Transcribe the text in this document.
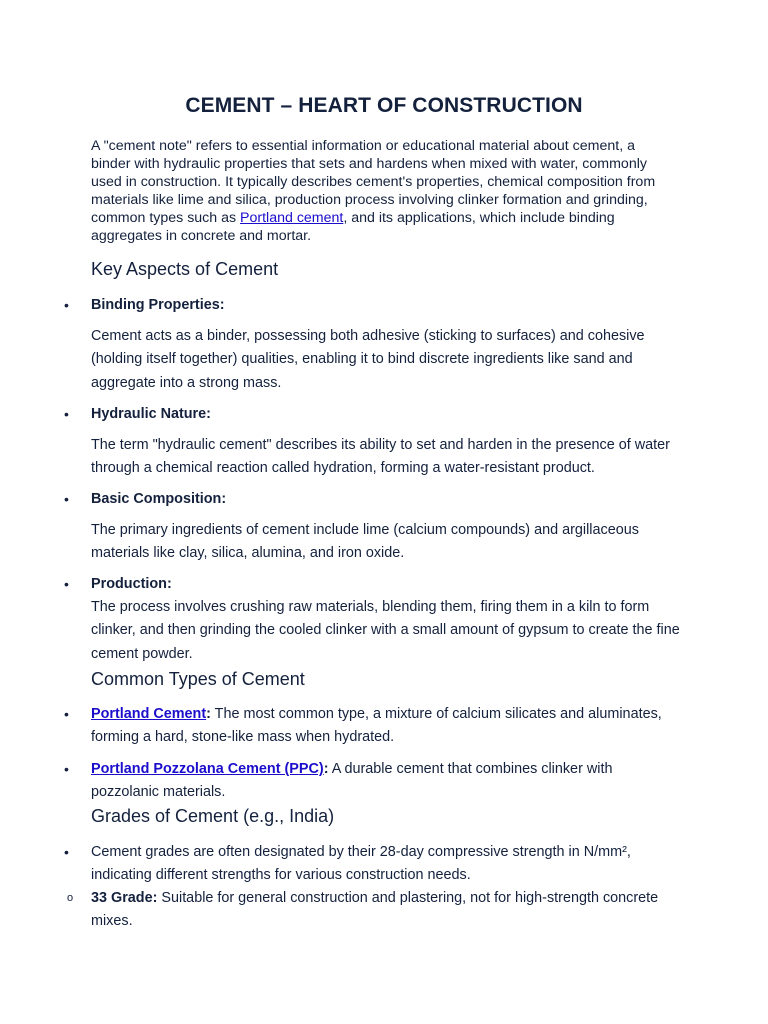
CEMENT – HEART OF CONSTRUCTION

A "cement note" refers to essential information or educational material about cement, a binder with hydraulic properties that sets and hardens when mixed with water, commonly used in construction. It typically describes cement's properties, chemical composition from materials like lime and silica, production process involving clinker formation and grinding, common types such as Portland cement, and its applications, which include binding aggregates in concrete and mortar.

Key Aspects of Cement
• Binding Properties:

Cement acts as a binder, possessing both adhesive (sticking to surfaces) and cohesive (holding itself together) qualities, enabling it to bind discrete ingredients like sand and aggregate into a strong mass.

• Hydraulic Nature:

The term "hydraulic cement" describes its ability to set and harden in the presence of water through a chemical reaction called hydration, forming a water-resistant product.

• Basic Composition:

The primary ingredients of cement include lime (calcium compounds) and argillaceous materials like clay, silica, alumina, and iron oxide.

• Production:

The process involves crushing raw materials, blending them, firing them in a kiln to form clinker, and then grinding the cooled clinker with a small amount of gypsum to create the fine cement powder.

Common Types of Cement
• Portland Cement: The most common type, a mixture of calcium silicates and aluminates, forming a hard, stone-like mass when hydrated.

• Portland Pozzolana Cement (PPC): A durable cement that combines clinker with pozzolanic materials.

Grades of Cement (e.g., India)
• Cement grades are often designated by their 28-day compressive strength in N/mm², indicating different strengths for various construction needs.

o 33 Grade: Suitable for general construction and plastering, not for high-strength concrete mixes.
